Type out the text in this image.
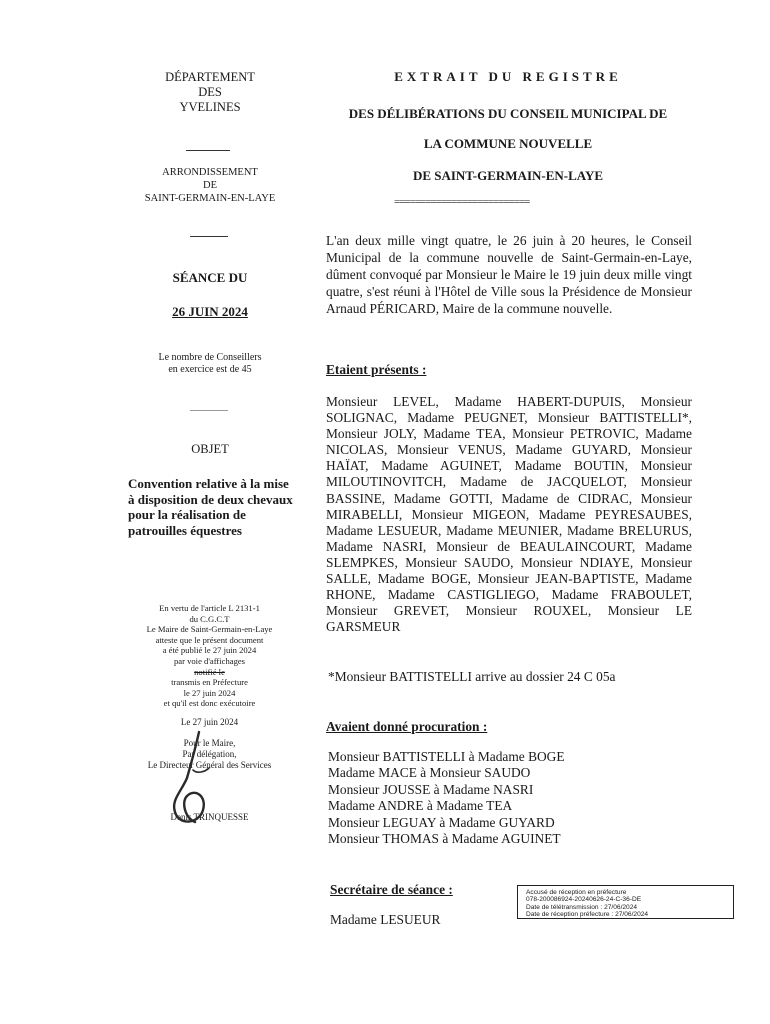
DÉPARTEMENT
DES
YVELINES
ARRONDISSEMENT
DE
SAINT-GERMAIN-EN-LAYE
SÉANCE DU
26 JUIN 2024
Le nombre de Conseillers
en exercice est de 45
OBJET
Convention relative à la mise à disposition de deux chevaux pour la réalisation de patrouilles équestres
En vertu de l'article L 2131-1
du C.G.C.T
Le Maire de Saint-Germain-en-Laye
atteste que le présent document
a été publié le 27 juin 2024
par voie d'affichages
notifié le
transmis en Préfecture
le 27 juin 2024
et qu'il est donc exécutoire
Le 27 juin 2024
Pour le Maire,
Par délégation,
Le Directeur Général des Services
Denis TRINQUESSE
EXTRAIT DU REGISTRE
DES DÉLIBÉRATIONS DU CONSEIL MUNICIPAL DE
LA COMMUNE NOUVELLE
DE SAINT-GERMAIN-EN-LAYE
==========================
L'an deux mille vingt quatre, le 26 juin à 20 heures, le Conseil Municipal de la commune nouvelle de Saint-Germain-en-Laye, dûment convoqué par Monsieur le Maire le 19 juin deux mille vingt quatre, s'est réuni à l'Hôtel de Ville sous la Présidence de Monsieur Arnaud PÉRICARD, Maire de la commune nouvelle.
Etaient présents :
Monsieur LEVEL, Madame HABERT-DUPUIS, Monsieur SOLIGNAC, Madame PEUGNET, Monsieur BATTISTELLI*, Monsieur JOLY, Madame TEA, Monsieur PETROVIC, Madame NICOLAS, Monsieur VENUS, Madame GUYARD, Monsieur HAÏAT, Madame AGUINET, Madame BOUTIN, Monsieur MILOUTINOVITCH, Madame de JACQUELOT, Monsieur BASSINE, Madame GOTTI, Madame de CIDRAC, Monsieur MIRABELLI, Monsieur MIGEON, Madame PEYRESAUBES, Madame LESUEUR, Madame MEUNIER, Madame BRELURUS, Madame NASRI, Monsieur de BEAULAINCOURT, Madame SLEMPKES, Monsieur SAUDO, Monsieur NDIAYE, Monsieur SALLE, Madame BOGE, Monsieur JEAN-BAPTISTE, Madame RHONE, Madame CASTIGLIEGO, Madame FRABOULET, Monsieur GREVET, Monsieur ROUXEL, Monsieur LE GARSMEUR
*Monsieur BATTISTELLI arrive au dossier 24 C 05a
Avaient donné procuration :
Monsieur BATTISTELLI à Madame BOGE
Madame MACE à Monsieur SAUDO
Monsieur JOUSSE à Madame NASRI
Madame ANDRE à Madame TEA
Monsieur LEGUAY à Madame GUYARD
Monsieur THOMAS à Madame AGUINET
Secrétaire de séance :
Madame LESUEUR
Accusé de réception en préfecture
078-200086924-20240626-24-C-36-DE
Date de télétransmission : 27/06/2024
Date de réception préfecture : 27/06/2024
